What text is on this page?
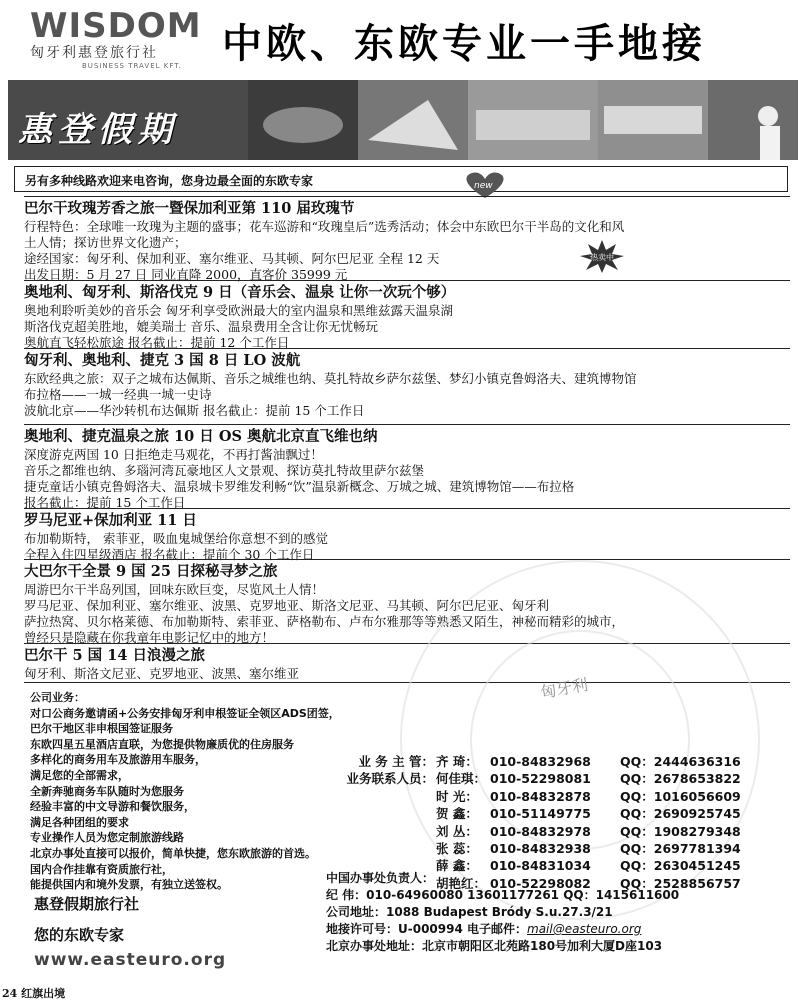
WISDOM
匈牙利惠登旅行社
BUSINESS TRAVEL KFT.	中欧、东欧专业一手地接
惠登假期
另有多种线路欢迎来电咨询，您身边最全面的东欧专家	new
热卖中
巴尔干玫瑰芳香之旅一暨保加利亚第 110 届玫瑰节
行程特色：全球唯一玫瑰为主题的盛事；花车巡游和“玫瑰皇后”选秀活动；体会中东欧巴尔干半岛的文化和风
土人情；探访世界文化遗产；
途经国家：匈牙利、保加利亚、塞尔维亚、马其顿、阿尔巴尼亚 全程 12 天
出发日期：5 月 27 日 同业直降 2000，直客价 35999 元
奥地利、匈牙利、斯洛伐克 9 日（音乐会、温泉 让你一次玩个够）
奥地利聆听美妙的音乐会 匈牙利享受欧洲最大的室内温泉和黑维兹露天温泉湖
斯洛伐克超美胜地，媲美瑞士 音乐、温泉费用全含让你无忧畅玩
奥航直飞轻松旅途 报名截止：提前 12 个工作日
匈牙利、奥地利、捷克 3 国 8 日 LO 波航
东欧经典之旅：双子之城布达佩斯、音乐之城维也纳、莫扎特故乡萨尔兹堡、梦幻小镇克鲁姆洛夫、建筑博物馆
布拉格——一城一经典一城一史诗
波航北京——华沙转机布达佩斯 报名截止：提前 15 个工作日
奥地利、捷克温泉之旅 10 日 OS 奥航北京直飞维也纳
深度游克两国 10 日拒绝走马观花，不再打酱油飘过！
音乐之都维也纳、多瑙河湾瓦豪地区人文景观、探访莫扎特故里萨尔兹堡
捷克童话小镇克鲁姆洛夫、温泉城卡罗维发利畅“饮”温泉新概念、万城之城、建筑博物馆——布拉格
报名截止：提前 15 个工作日
罗马尼亚+保加利亚 11 日
布加勒斯特， 索菲亚，吸血鬼城堡给你意想不到的感觉
全程入住四星级酒店 报名截止：提前个 30 个工作日
大巴尔干全景 9 国 25 日探秘寻梦之旅
周游巴尔干半岛列国，回味东欧巨变，尽览风土人情！
罗马尼亚、保加利亚、塞尔维亚、波黑、克罗地亚、斯洛文尼亚、马其顿、阿尔巴尼亚、匈牙利
萨拉热窝、贝尔格莱德、布加勒斯特、索菲亚、萨格勒布、卢布尔雅那等等熟悉又陌生，神秘而精彩的城市，
曾经只是隐藏在你我童年电影记忆中的地方！
巴尔干 5 国 14 日浪漫之旅
匈牙利、斯洛文尼亚、克罗地亚、波黑、塞尔维亚
匈牙利
公司业务：
对口公商务邀请函+公务安排匈牙利申根签证全领区ADS团签，
巴尔干地区非申根国签证服务
东欧四星五星酒店直联，为您提供物廉质优的住房服务
多样化的商务用车及旅游用车服务，
满足您的全部需求，
全新奔驰商务车队随时为您服务
经验丰富的中文导游和餐饮服务，
满足各种团组的要求
专业操作人员为您定制旅游线路
北京办事处直接可以报价，简单快捷，您东欧旅游的首选。
国内合作挂靠有资质旅行社，
能提供国内和境外发票，有独立送签权。
业 务 主 管： 齐 琦： 010-84832968	QQ：2444636316
业务联系人员： 何佳琪： 010-52298081	QQ：2678653822
时 光： 010-84832878	QQ：1016056609
贺 鑫： 010-51149775	QQ：2690925745
刘 丛： 010-84832978	QQ：1908279348
张 蕊： 010-84832938	QQ：2697781394
薛 鑫： 010-84831034	QQ：2630451245
胡艳红： 010-52298082	QQ：2528856757
中国办事处负责人：
纪 伟：010-64960080 13601177261 QQ：1415611600
公司地址：1088 Budapest Bródy S.u.27.3/21
地接许可号：U-000994 电子邮件：mail@easteuro.org
北京办事处地址：北京市朝阳区北苑路180号加利大厦D座103
惠登假期旅行社
您的东欧专家
www.easteuro.org
24 红旗出境
